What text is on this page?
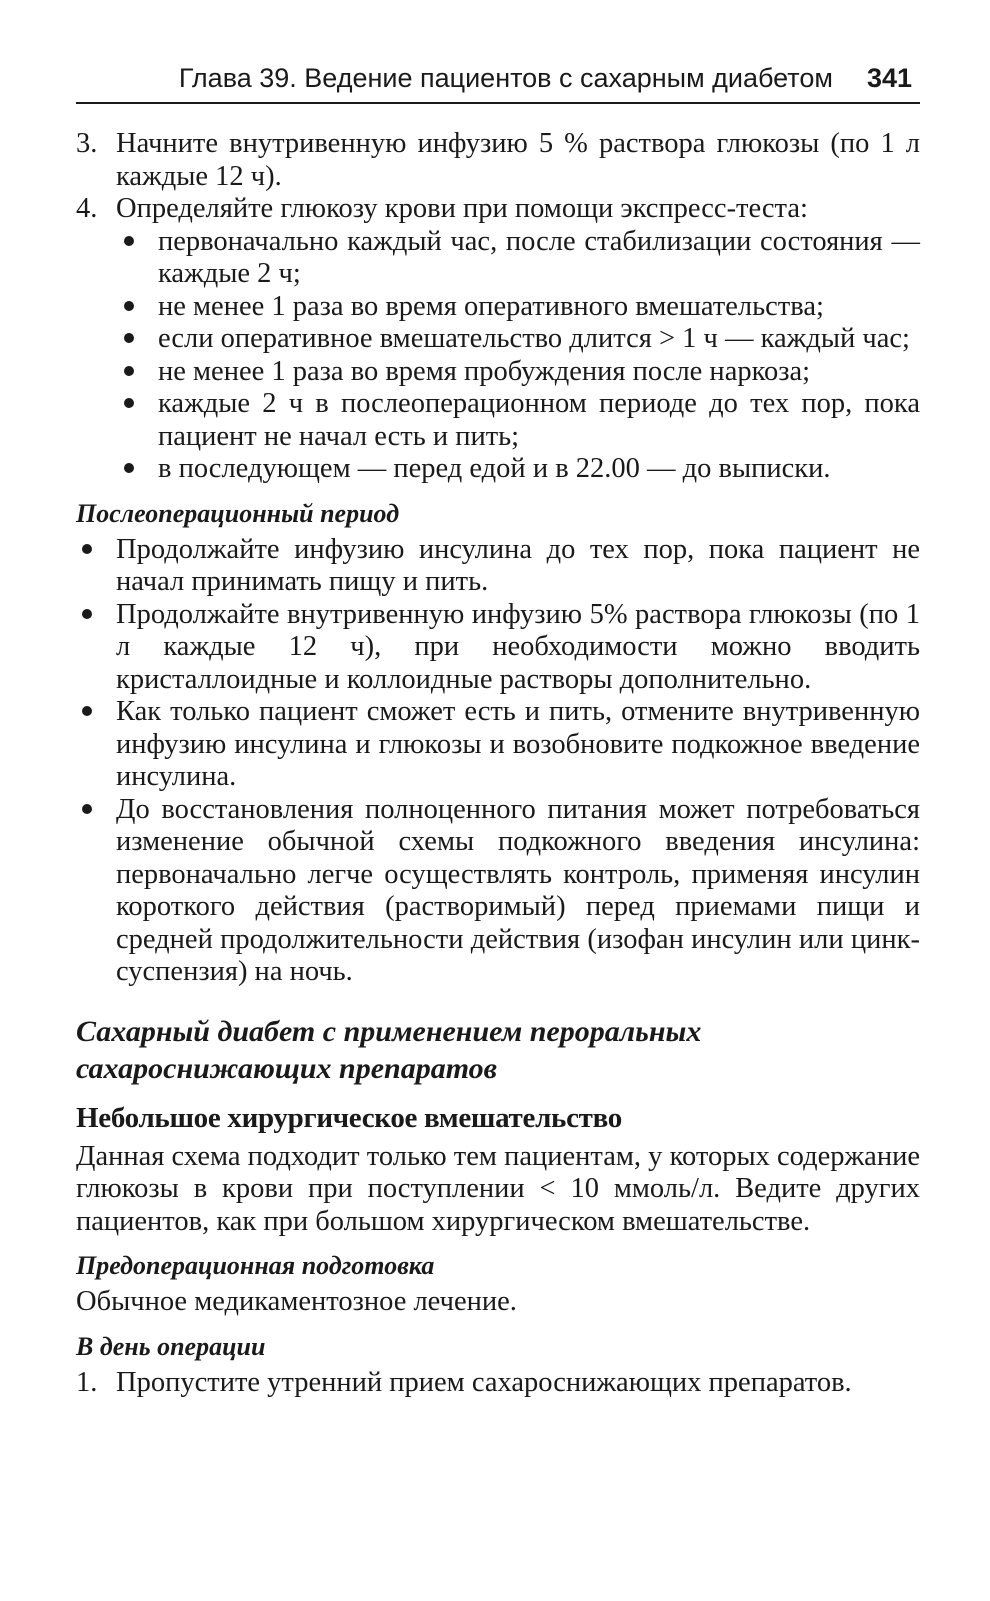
Глава 39. Ведение пациентов с сахарным диабетом 341
3. Начните внутривенную инфузию 5 % раствора глюкозы (по 1 л каждые 12 ч).
4. Определяйте глюкозу крови при помощи экспресс-теста:
первоначально каждый час, после стабилизации состояния — каждые 2 ч;
не менее 1 раза во время оперативного вмешательства;
если оперативное вмешательство длится > 1 ч — каждый час;
не менее 1 раза во время пробуждения после наркоза;
каждые 2 ч в послеоперационном периоде до тех пор, пока пациент не начал есть и пить;
в последующем — перед едой и в 22.00 — до выписки.
Послеоперационный период
Продолжайте инфузию инсулина до тех пор, пока пациент не начал принимать пищу и пить.
Продолжайте внутривенную инфузию 5% раствора глюкозы (по 1 л каждые 12 ч), при необходимости можно вводить кристаллоидные и коллоидные растворы дополнительно.
Как только пациент сможет есть и пить, отмените внутривенную инфузию инсулина и глюкозы и возобновите подкожное введение инсулина.
До восстановления полноценного питания может потребоваться изменение обычной схемы подкожного введения инсулина: первоначально легче осуществлять контроль, применяя инсулин короткого действия (растворимый) перед приемами пищи и средней продолжительности действия (изофан инсулин или цинк-суспензия) на ночь.
Сахарный диабет с применением пероральных сахароснижающих препаратов
Небольшое хирургическое вмешательство

Данная схема подходит только тем пациентам, у которых содержание глюкозы в крови при поступлении < 10 ммоль/л. Ведите других пациентов, как при большом хирургическом вмешательстве.

Предоперационная подготовка

Обычное медикаментозное лечение.

В день операции
1. Пропустите утренний прием сахароснижающих препаратов.
